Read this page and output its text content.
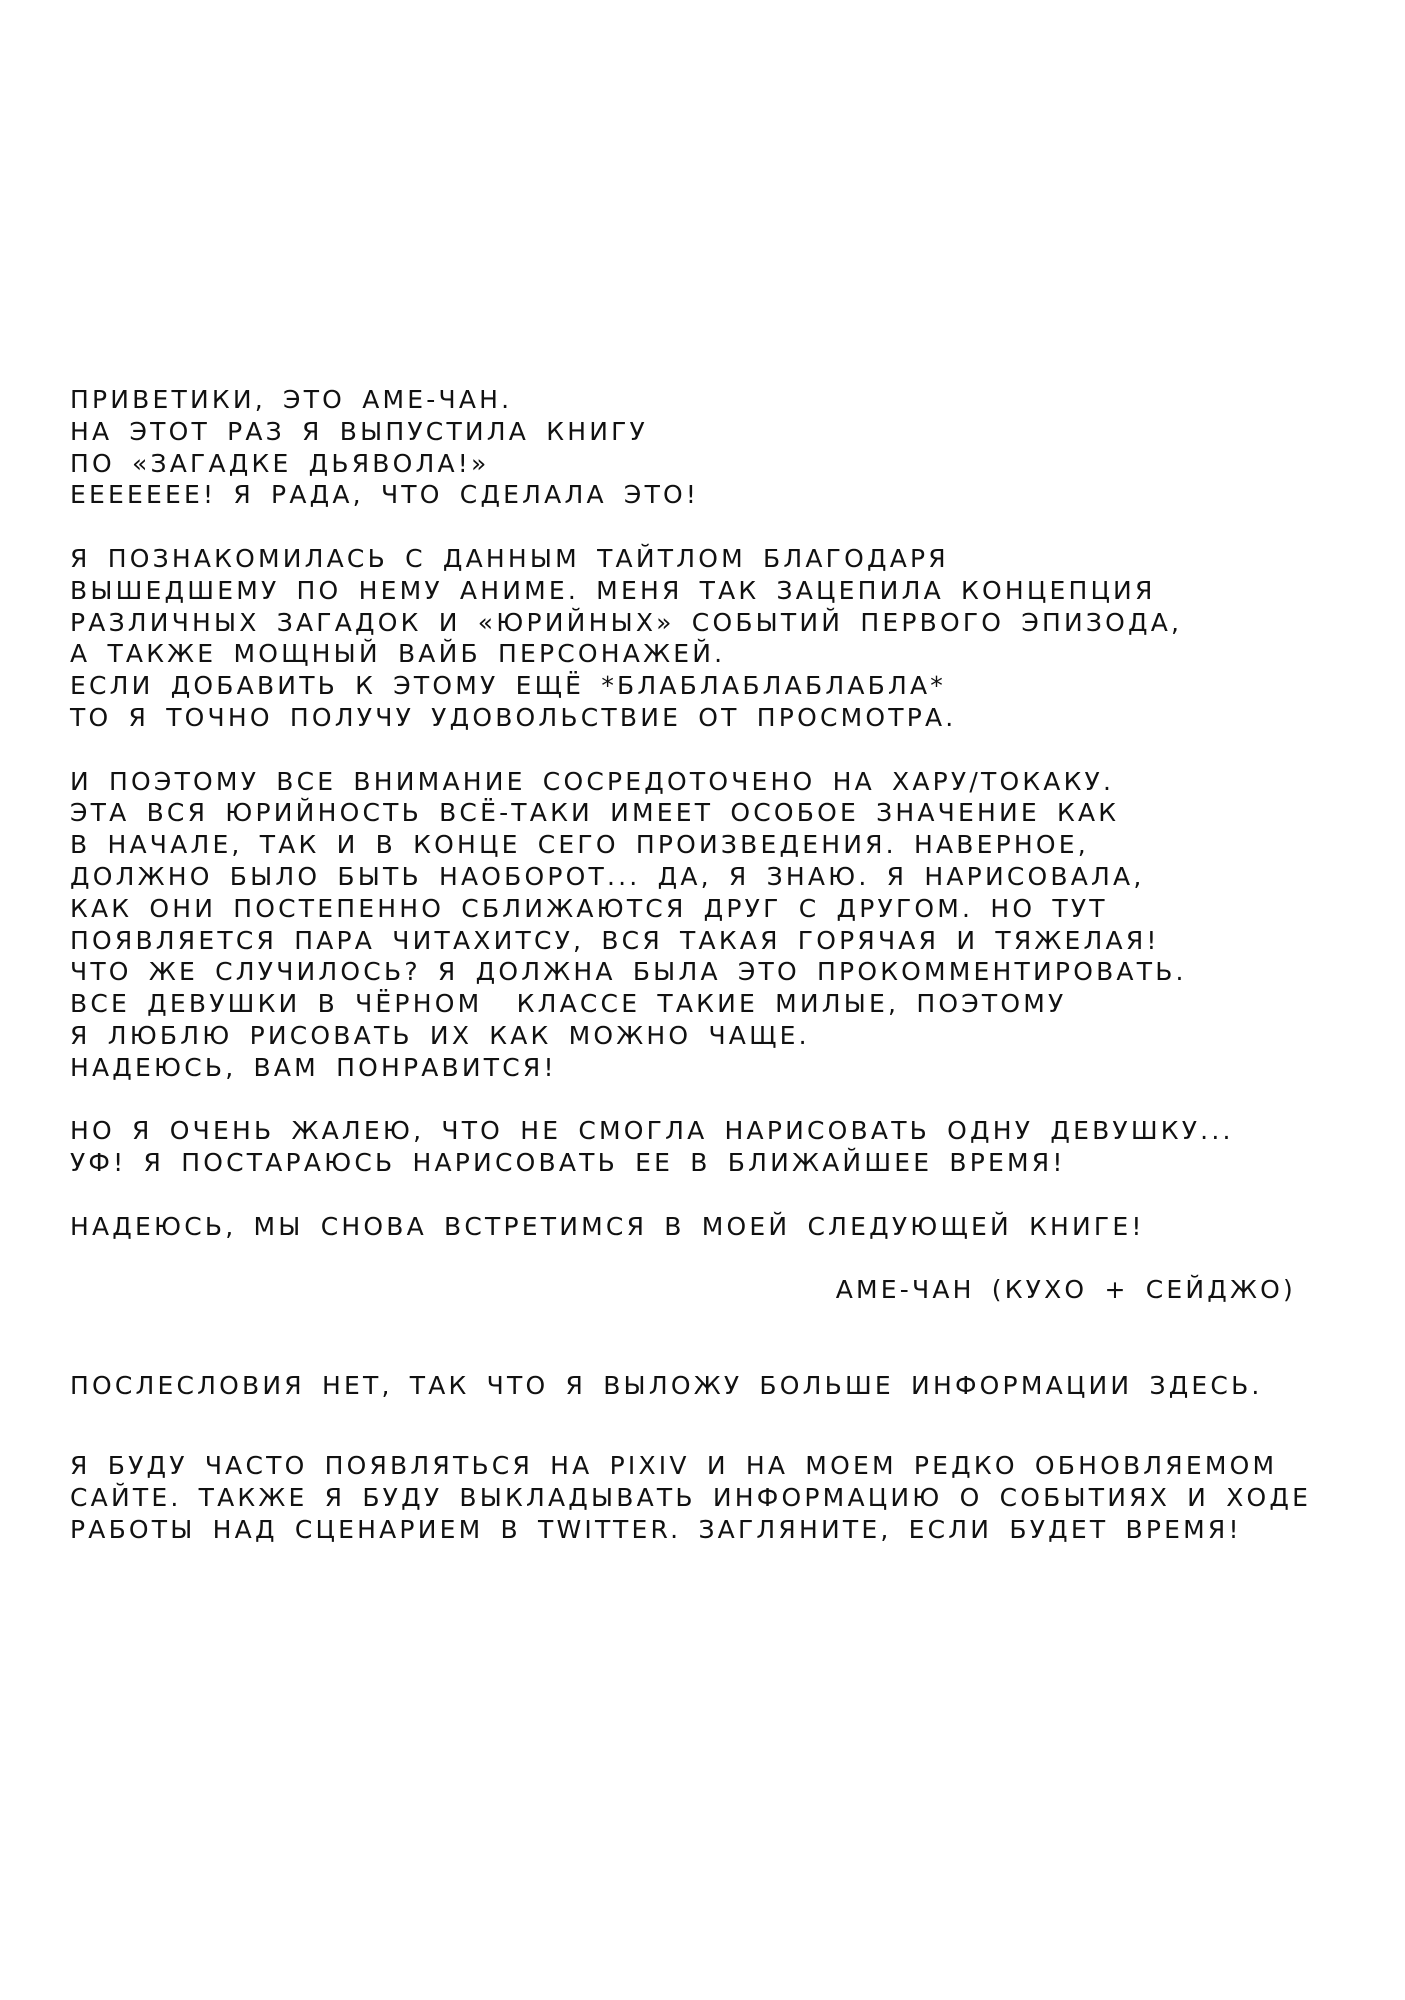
ПРИВЕТИКИ, ЭТО АМЕ-ЧАН.
НА ЭТОТ РАЗ Я ВЫПУСТИЛА КНИГУ
ПО «ЗАГАДКЕ ДЬЯВОЛА!»
ЕЕЕЕЕЕЕ! Я РАДА, ЧТО СДЕЛАЛА ЭТО!
Я ПОЗНАКОМИЛАСЬ С ДАННЫМ ТАЙТЛОМ БЛАГОДАРЯ
ВЫШЕДШЕМУ ПО НЕМУ АНИМЕ. МЕНЯ ТАК ЗАЦЕПИЛА КОНЦЕПЦИЯ
РАЗЛИЧНЫХ ЗАГАДОК И «ЮРИЙНЫХ» СОБЫТИЙ ПЕРВОГО ЭПИЗОДА,
А ТАКЖЕ МОЩНЫЙ ВАЙБ ПЕРСОНАЖЕЙ.
ЕСЛИ ДОБАВИТЬ К ЭТОМУ ЕЩЁ *БЛАБЛАБЛАБЛАБЛА*
ТО Я ТОЧНО ПОЛУЧУ УДОВОЛЬСТВИЕ ОТ ПРОСМОТРА.
И ПОЭТОМУ ВСЕ ВНИМАНИЕ СОСРЕДОТОЧЕНО НА ХАРУ/ТОКАКУ.
ЭТА ВСЯ ЮРИЙНОСТЬ ВСЁ-ТАКИ ИМЕЕТ ОСОБОЕ ЗНАЧЕНИЕ КАК
В НАЧАЛЕ, ТАК И В КОНЦЕ СЕГО ПРОИЗВЕДЕНИЯ. НАВЕРНОЕ,
ДОЛЖНО БЫЛО БЫТЬ НАОБОРОТ... ДА, Я ЗНАЮ. Я НАРИСОВАЛА,
КАК ОНИ ПОСТЕПЕННО СБЛИЖАЮТСЯ ДРУГ С ДРУГОМ. НО ТУТ
ПОЯВЛЯЕТСЯ ПАРА ЧИТАХИТСУ, ВСЯ ТАКАЯ ГОРЯЧАЯ И ТЯЖЕЛАЯ!
ЧТО ЖЕ СЛУЧИЛОСЬ? Я ДОЛЖНА БЫЛА ЭТО ПРОКОММЕНТИРОВАТЬ.
ВСЕ ДЕВУШКИ В ЧЁРНОМ  КЛАССЕ ТАКИЕ МИЛЫЕ, ПОЭТОМУ
Я ЛЮБЛЮ РИСОВАТЬ ИХ КАК МОЖНО ЧАЩЕ.
НАДЕЮСЬ, ВАМ ПОНРАВИТСЯ!
НО Я ОЧЕНЬ ЖАЛЕЮ, ЧТО НЕ СМОГЛА НАРИСОВАТЬ ОДНУ ДЕВУШКУ...
УФ! Я ПОСТАРАЮСЬ НАРИСОВАТЬ ЕЕ В БЛИЖАЙШЕЕ ВРЕМЯ!
НАДЕЮСЬ, МЫ СНОВА ВСТРЕТИМСЯ В МОЕЙ СЛЕДУЮЩЕЙ КНИГЕ!
АМЕ-ЧАН (КУХО + СЕЙДЖО)
ПОСЛЕСЛОВИЯ НЕТ, ТАК ЧТО Я ВЫЛОЖУ БОЛЬШЕ ИНФОРМАЦИИ ЗДЕСЬ.
Я БУДУ ЧАСТО ПОЯВЛЯТЬСЯ НА PIXIV И НА МОЕМ РЕДКО ОБНОВЛЯЕМОМ
САЙТЕ. ТАКЖЕ Я БУДУ ВЫКЛАДЫВАТЬ ИНФОРМАЦИЮ О СОБЫТИЯХ И ХОДЕ
РАБОТЫ НАД СЦЕНАРИЕМ В TWITTER. ЗАГЛЯНИТЕ, ЕСЛИ БУДЕТ ВРЕМЯ!
